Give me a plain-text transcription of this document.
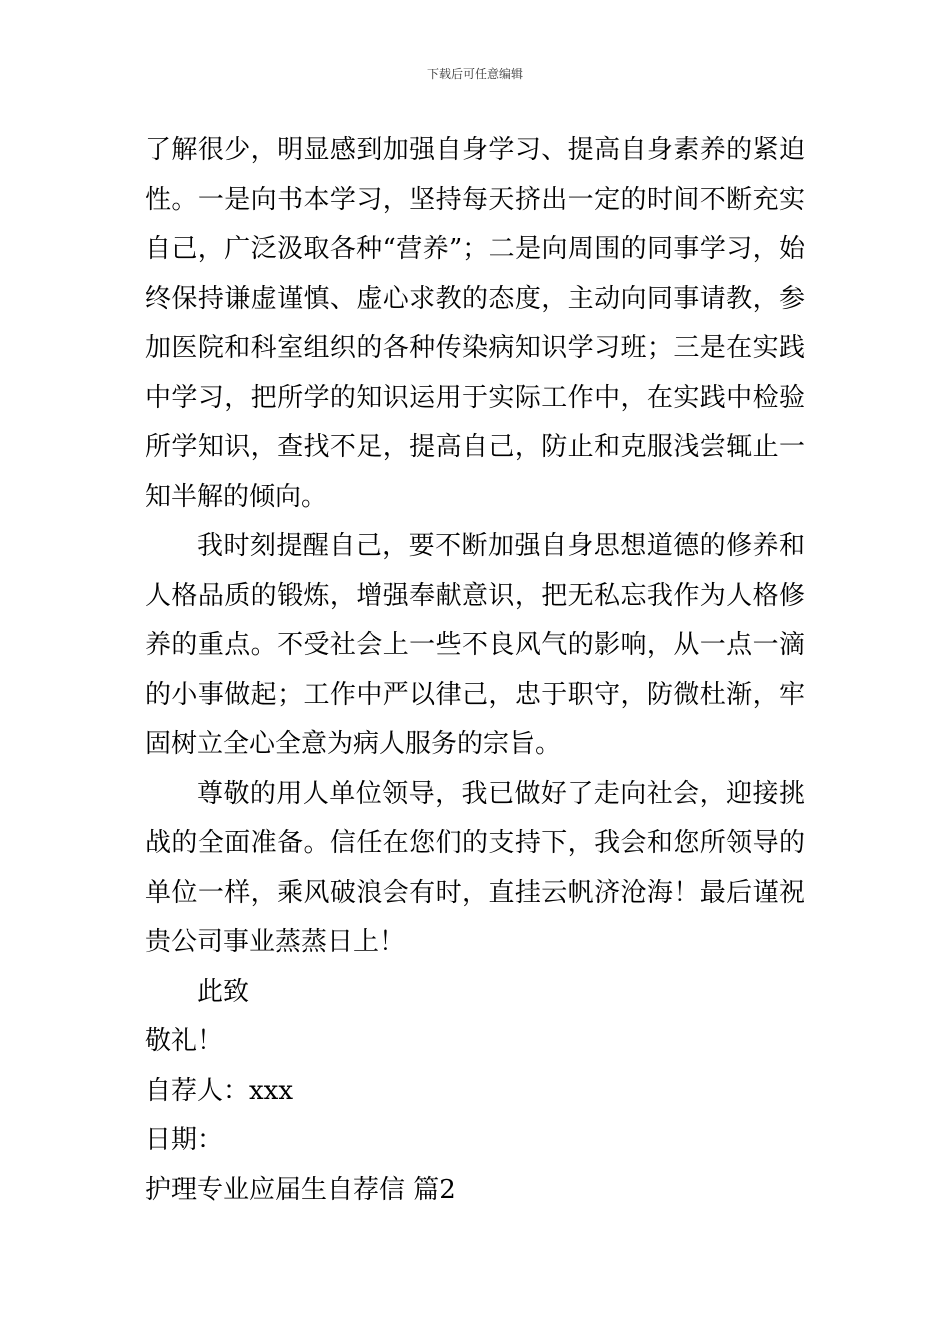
下载后可任意编辑

了解很少，明显感到加强自身学习、提高自身素养的紧迫性。一是向书本学习，坚持每天挤出一定的时间不断充实自己，广泛汲取各种“营养”；二是向周围的同事学习，始终保持谦虚谨慎、虚心求教的态度，主动向同事请教，参加医院和科室组织的各种传染病知识学习班；三是在实践中学习，把所学的知识运用于实际工作中，在实践中检验所学知识，查找不足，提高自己，防止和克服浅尝辄止一知半解的倾向。

我时刻提醒自己，要不断加强自身思想道德的修养和人格品质的锻炼，增强奉献意识，把无私忘我作为人格修养的重点。不受社会上一些不良风气的影响，从一点一滴的小事做起；工作中严以律己，忠于职守，防微杜渐，牢固树立全心全意为病人服务的宗旨。

尊敬的用人单位领导，我已做好了走向社会，迎接挑战的全面准备。信任在您们的支持下，我会和您所领导的单位一样，乘风破浪会有时，直挂云帆济沧海！最后谨祝贵公司事业蒸蒸日上！

此致

敬礼！

自荐人：xxx

日期：

护理专业应届生自荐信 篇2
